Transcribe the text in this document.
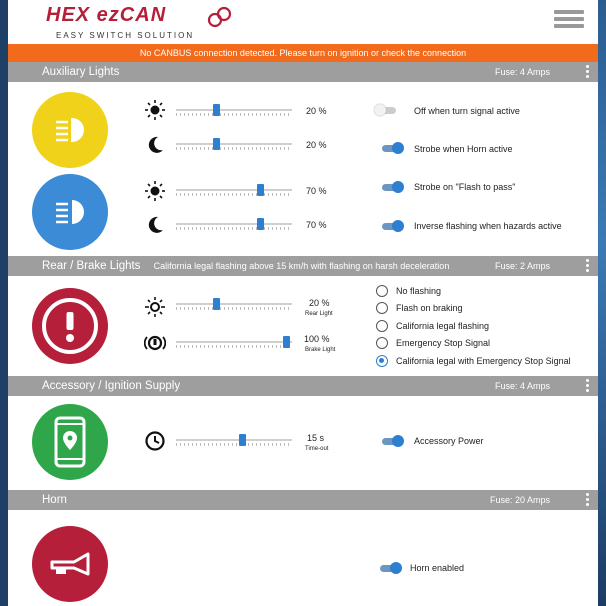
HEX ezCAN
EASY SWITCH SOLUTION
No CANBUS connection detected. Please turn on ignition or check the connection
Auxiliary Lights	Fuse: 4 Amps
20 %
20 %
70 %
70 %
Off when turn signal active
Strobe when Horn active
Strobe on "Flash to pass"
Inverse flashing when hazards active
Rear / Brake Lights California legal flashing above 15 km/h with flashing on harsh deceleration	Fuse: 2 Amps
20 %
Rear Light
100 %
Brake Light
No flashing
Flash on braking
California legal flashing
Emergency Stop Signal
California legal with Emergency Stop Signal
Accessory / Ignition Supply	Fuse: 4 Amps
15 s
Time-out
Accessory Power
Horn	Fuse: 20 Amps
Horn enabled
